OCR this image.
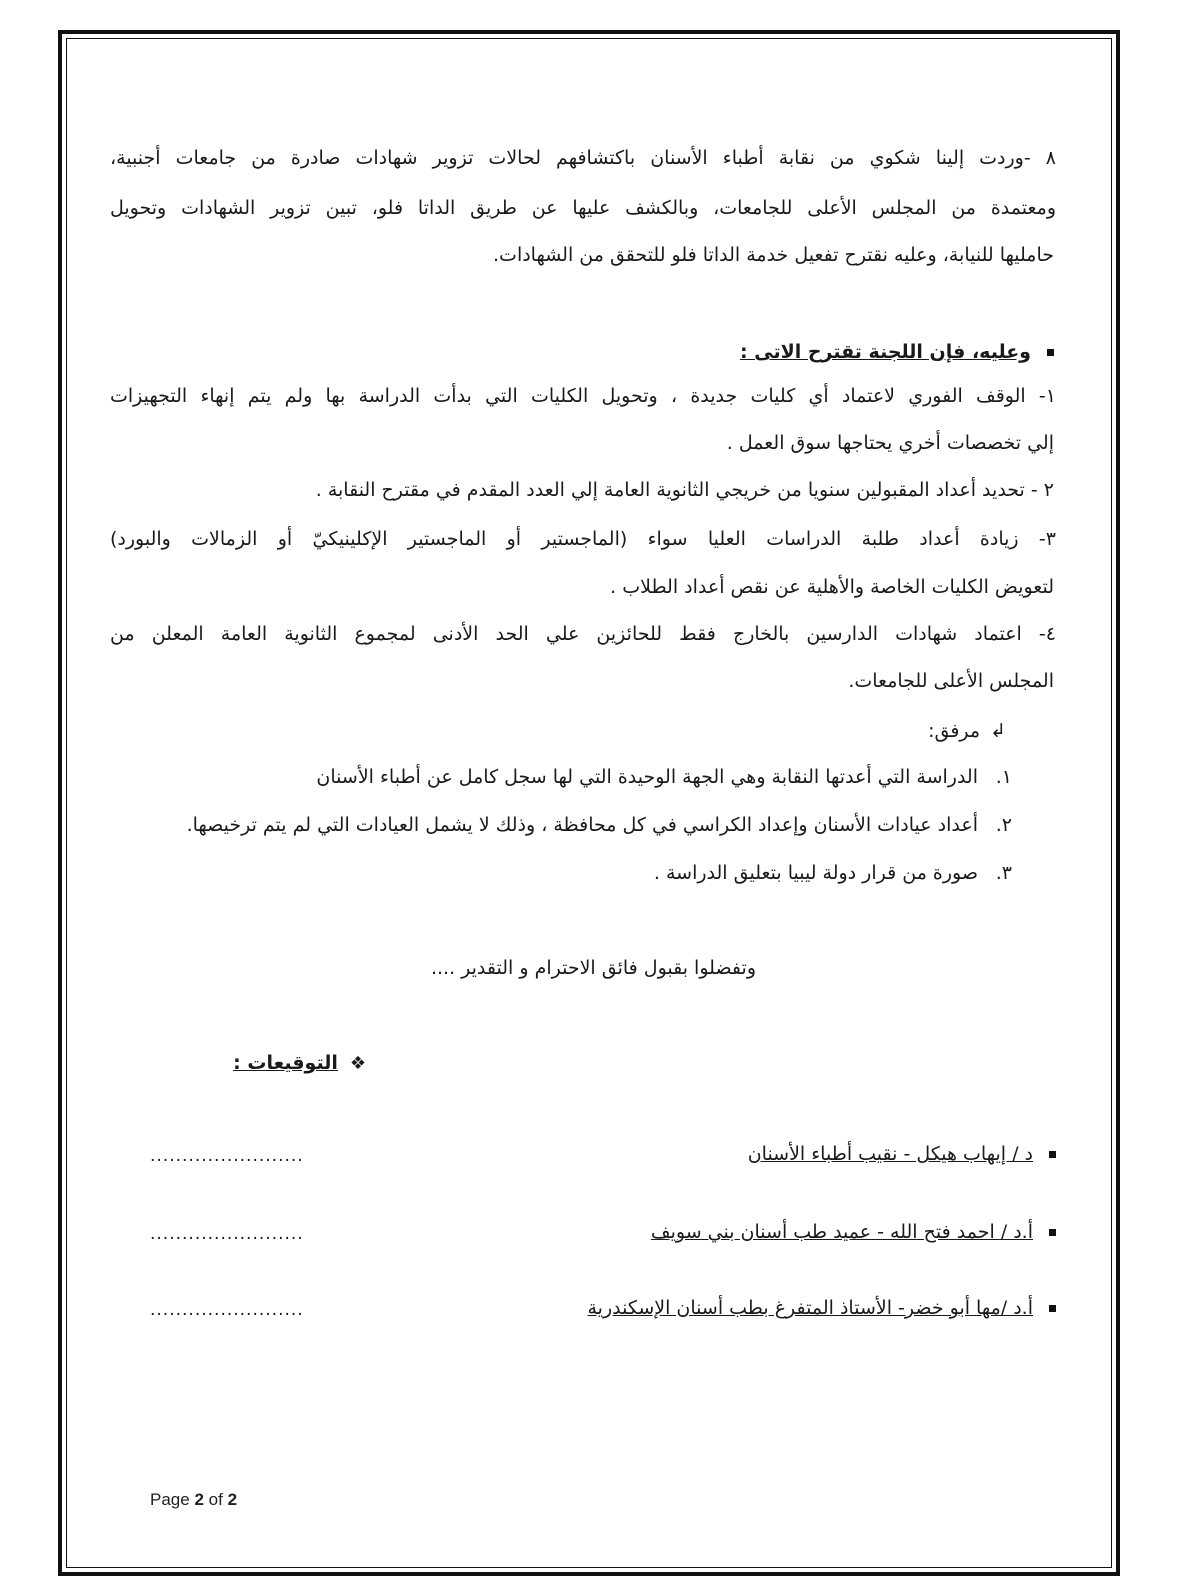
٨ -وردت إلينا شكوي من نقابة أطباء الأسنان باكتشافهم لحالات تزوير شهادات صادرة من جامعات أجنبية،
ومعتمدة من المجلس الأعلى للجامعات، وبالكشف عليها عن طريق الداتا فلو، تبين تزوير الشهادات وتحويل
حامليها للنيابة، وعليه نقترح تفعيل خدمة الداتا فلو للتحقق من الشهادات.
وعليه، فإن اللجنة تقترح الاتى :
١- الوقف الفوري لاعتماد أي كليات جديدة ، وتحويل الكليات التي بدأت الدراسة بها ولم يتم إنهاء التجهيزات
إلي تخصصات أخري يحتاجها سوق العمل .
٢ - تحديد أعداد المقبولين سنويا من خريجي الثانوية العامة إلي العدد المقدم في مقترح النقابة .
٣- زيادة أعداد طلبة الدراسات العليا سواء (الماجستير أو الماجستير الإكلينيكيّ أو الزمالات والبورد)
لتعويض الكليات الخاصة والأهلية عن نقص أعداد الطلاب .
٤- اعتماد شهادات الدارسين بالخارج فقط للحائزين علي الحد الأدنى لمجموع الثانوية العامة المعلن من
المجلس الأعلى للجامعات.
↲مرفق:
١.الدراسة التي أعدتها النقابة وهي الجهة الوحيدة التي لها سجل كامل عن أطباء الأسنان
٢.أعداد عيادات الأسنان وإعداد الكراسي في كل محافظة ، وذلك لا يشمل العيادات التي لم يتم ترخيصها.
٣.صورة من قرار دولة ليبيا بتعليق الدراسة .
وتفضلوا بقبول فائق الاحترام و التقدير ....
❖التوقيعات :
د / إيهاب هيكل - نقيب أطباء الأسنان
........................
أ.د / احمد فتح الله - عميد طب أسنان بني سويف
........................
أ.د /مها أبو خضر- الأستاذ المتفرغ بطب أسنان الإسكندرية
........................
Page 2 of 2
